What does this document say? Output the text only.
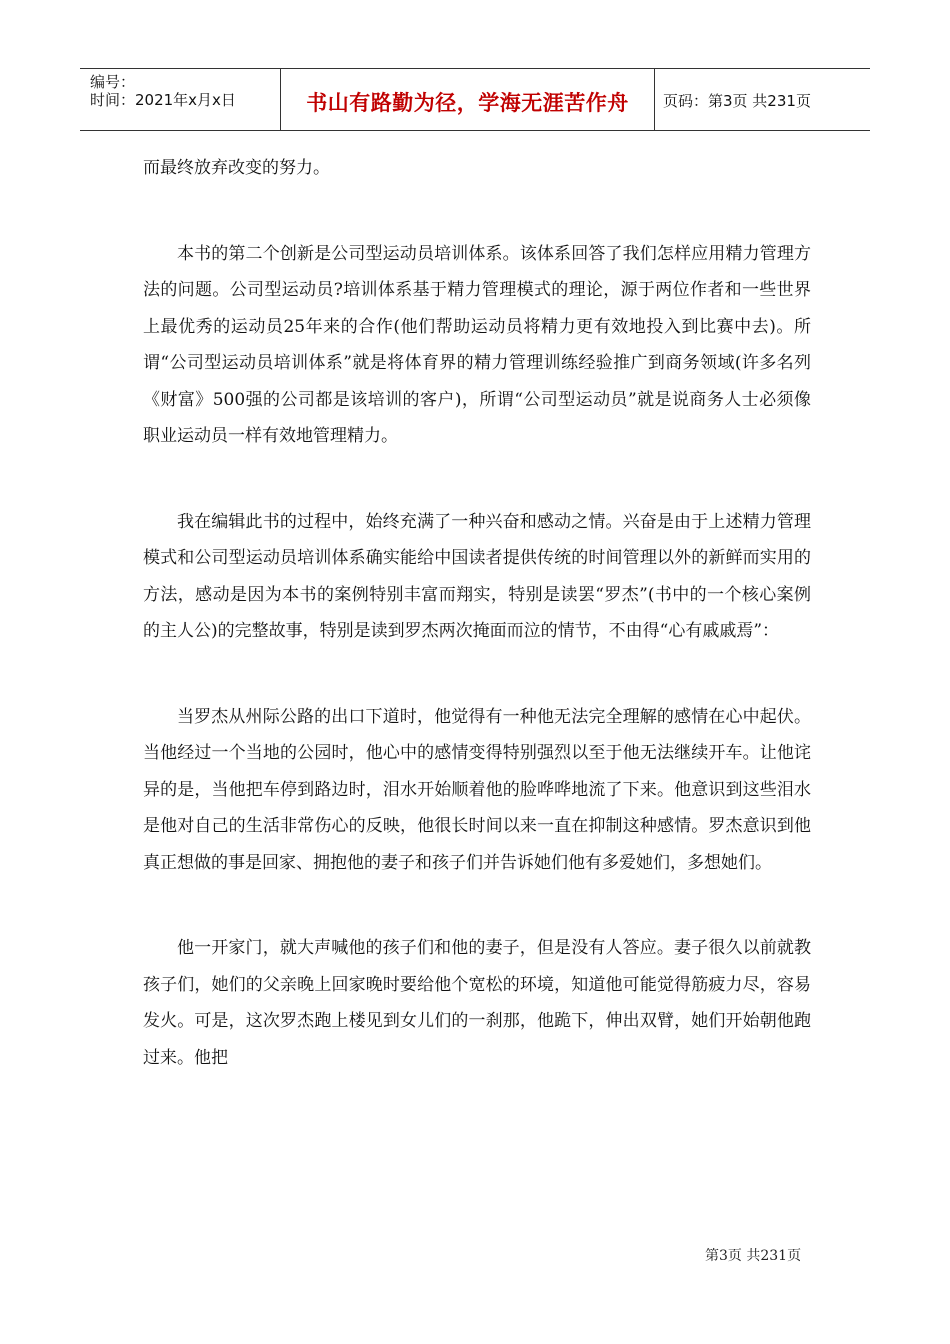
编号：
时间：2021年x月x日	书山有路勤为径，学海无涯苦作舟	页码：第3页 共231页

而最终放弃改变的努力。

本书的第二个创新是公司型运动员培训体系。该体系回答了我们怎样应用精力管理方法的问题。公司型运动员?培训体系基于精力管理模式的理论，源于两位作者和一些世界上最优秀的运动员25年来的合作(他们帮助运动员将精力更有效地投入到比赛中去)。所谓“公司型运动员培训体系”就是将体育界的精力管理训练经验推广到商务领域(许多名列《财富》500强的公司都是该培训的客户)，所谓“公司型运动员”就是说商务人士必须像职业运动员一样有效地管理精力。

我在编辑此书的过程中，始终充满了一种兴奋和感动之情。兴奋是由于上述精力管理模式和公司型运动员培训体系确实能给中国读者提供传统的时间管理以外的新鲜而实用的方法，感动是因为本书的案例特别丰富而翔实，特别是读罢“罗杰”(书中的一个核心案例的主人公)的完整故事，特别是读到罗杰两次掩面而泣的情节，不由得“心有戚戚焉”：

当罗杰从州际公路的出口下道时，他觉得有一种他无法完全理解的感情在心中起伏。当他经过一个当地的公园时，他心中的感情变得特别强烈以至于他无法继续开车。让他诧异的是，当他把车停到路边时，泪水开始顺着他的脸哗哗地流了下来。他意识到这些泪水是他对自己的生活非常伤心的反映，他很长时间以来一直在抑制这种感情。罗杰意识到他真正想做的事是回家、拥抱他的妻子和孩子们并告诉她们他有多爱她们，多想她们。

他一开家门，就大声喊他的孩子们和他的妻子，但是没有人答应。妻子很久以前就教孩子们，她们的父亲晚上回家晚时要给他个宽松的环境，知道他可能觉得筋疲力尽，容易发火。可是，这次罗杰跑上楼见到女儿们的一刹那，他跪下，伸出双臂，她们开始朝他跑过来。他把

第3页 共231页
